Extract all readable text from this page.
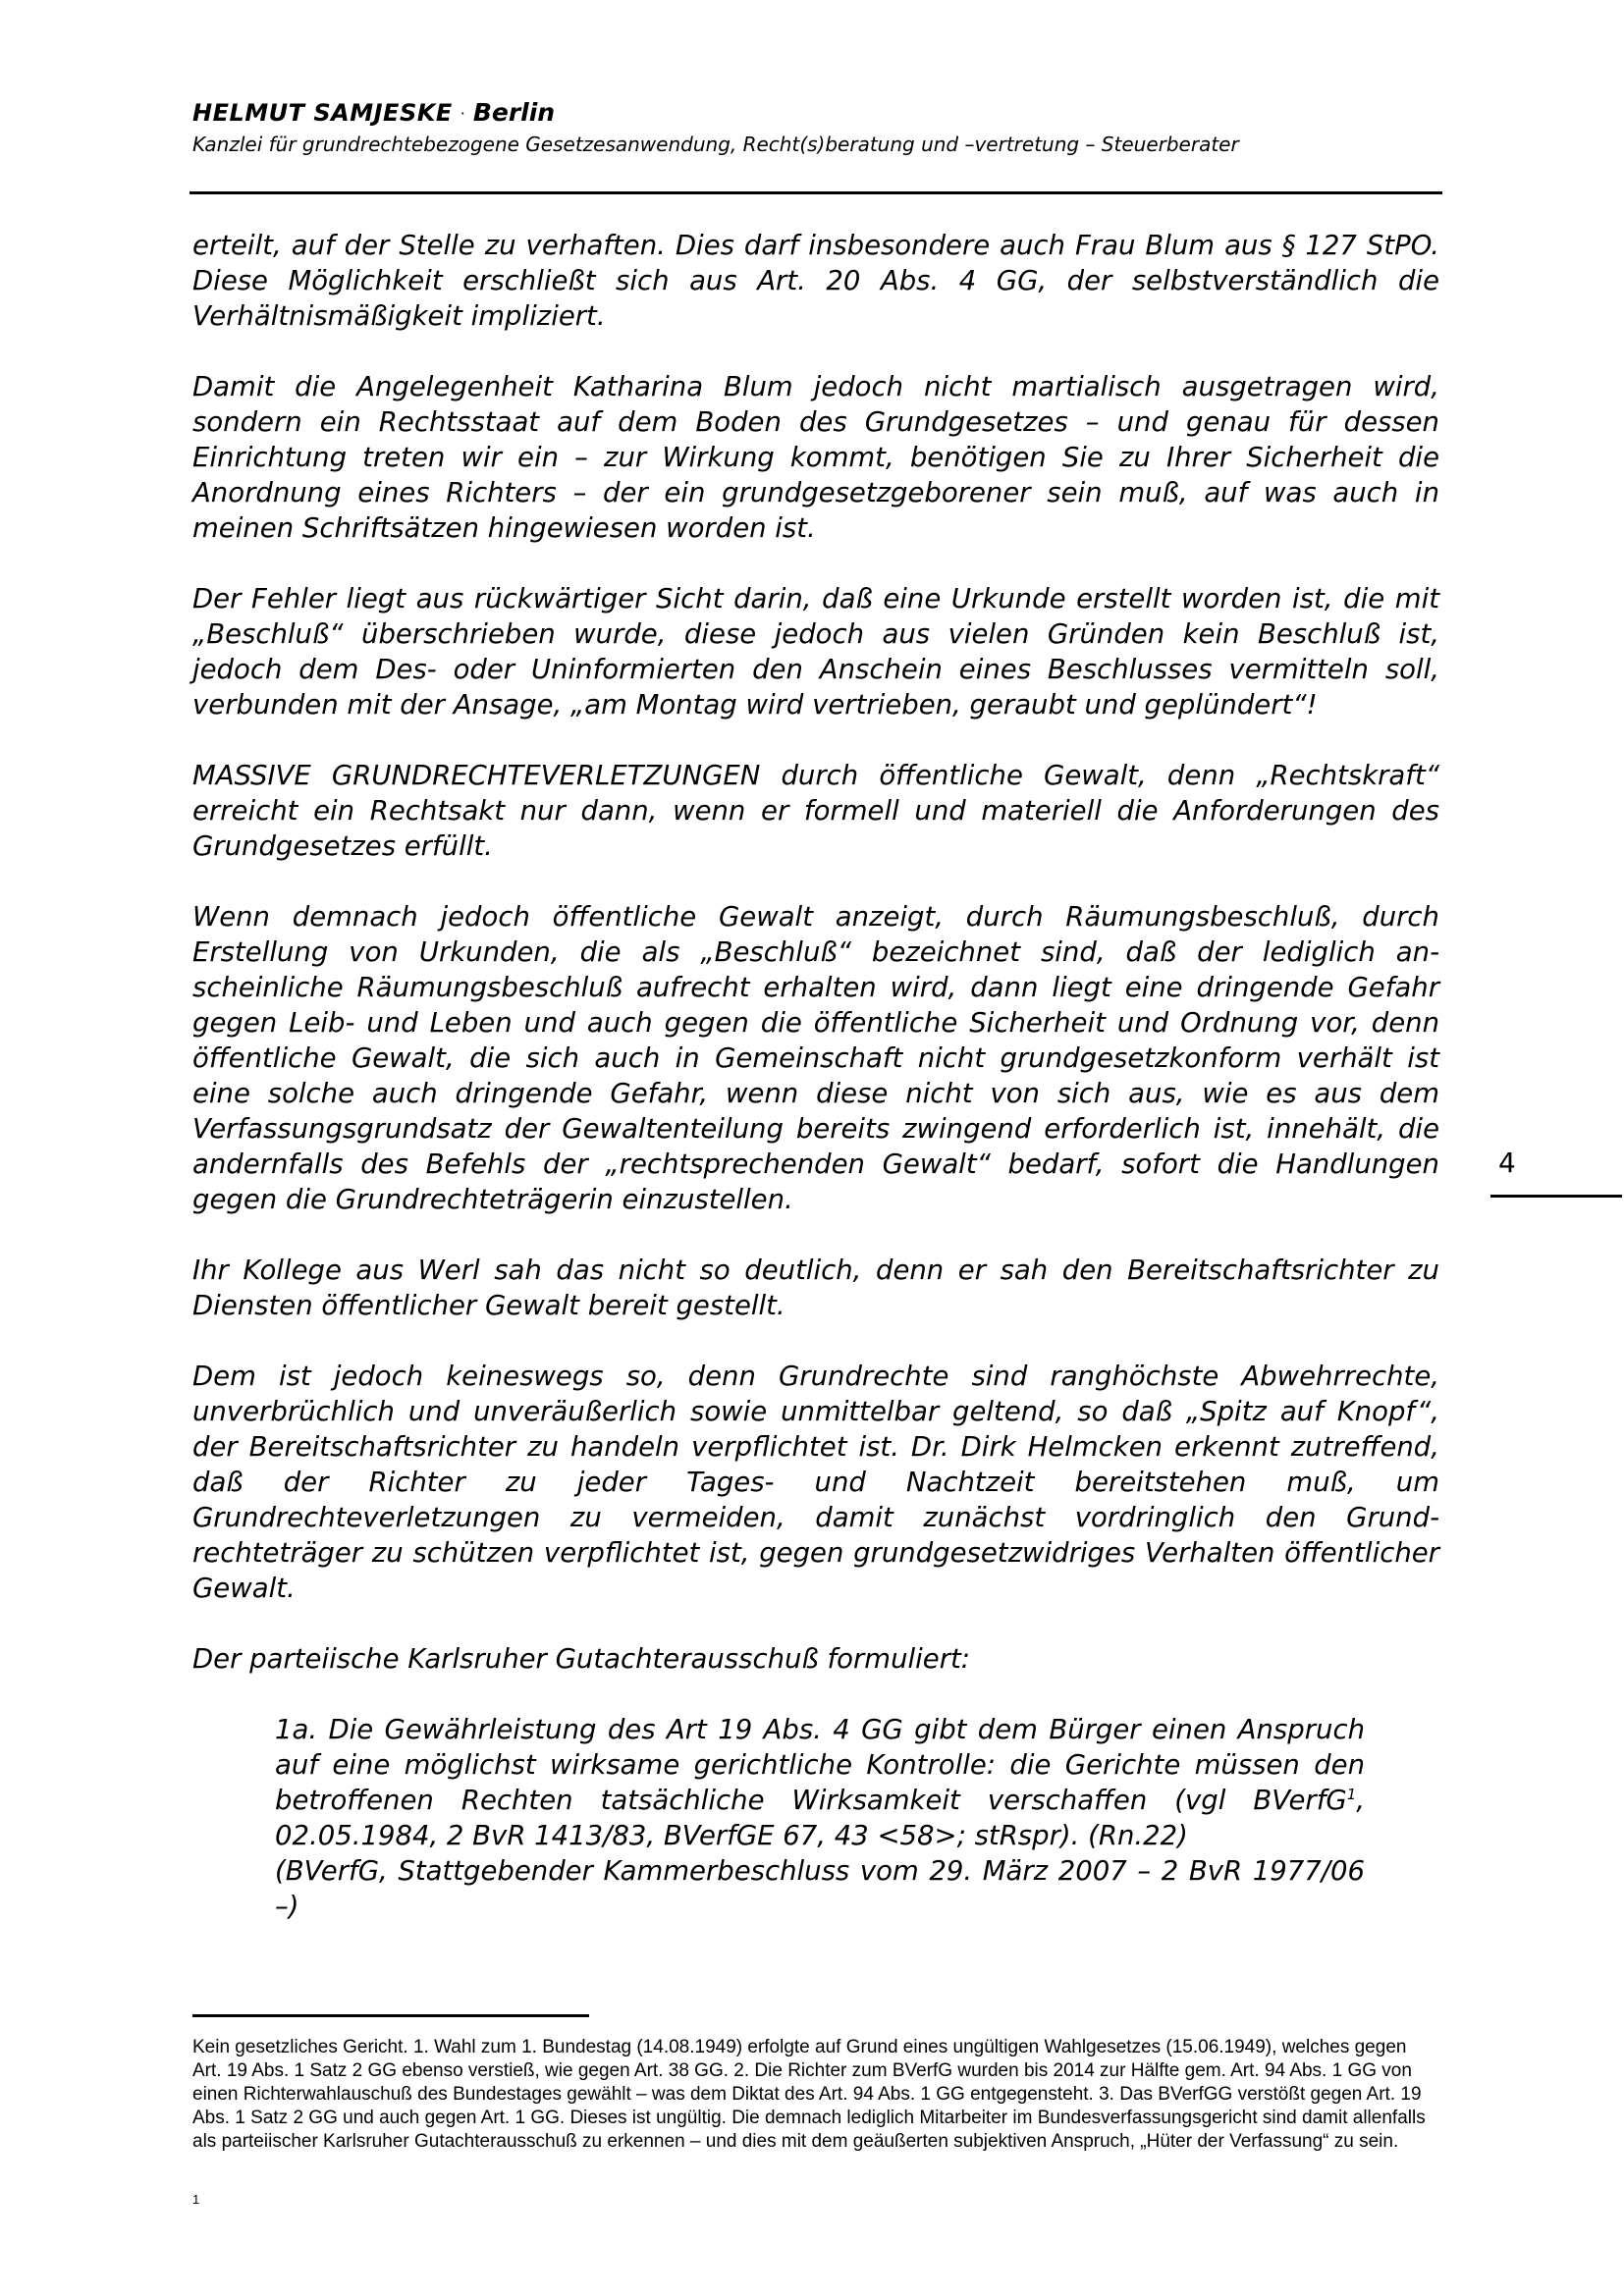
HELMUT SAMJESKE · Berlin
Kanzlei für grundrechtebezogene Gesetzesanwendung, Recht(s)beratung und –vertretung – Steuerberater

erteilt, auf der Stelle zu verhaften. Dies darf insbesondere auch Frau Blum aus § 127 StPO. Diese Möglichkeit erschließt sich aus Art. 20 Abs. 4 GG, der selbstverständlich die Verhältnismäßigkeit impliziert.

Damit die Angelegenheit Katharina Blum jedoch nicht martialisch ausgetragen wird, sondern ein Rechtsstaat auf dem Boden des Grundgesetzes – und genau für dessen Einrichtung treten wir ein – zur Wirkung kommt, benötigen Sie zu Ihrer Sicherheit die Anordnung eines Richters – der ein grundgesetzgeborener sein muß, auf was auch in meinen Schriftsätzen hingewiesen worden ist.

Der Fehler liegt aus rückwärtiger Sicht darin, daß eine Urkunde erstellt worden ist, die mit „Beschluß“ überschrieben wurde, diese jedoch aus vielen Gründen kein Beschluß ist, jedoch dem Des- oder Uninformierten den Anschein eines Beschlusses vermitteln soll, verbunden mit der Ansage, „am Montag wird vertrieben, geraubt und geplündert“!

MASSIVE GRUNDRECHTEVERLETZUNGEN durch öffentliche Gewalt, denn „Rechtskraft“ erreicht ein Rechtsakt nur dann, wenn er formell und materiell die Anforderungen des Grundgesetzes erfüllt.

Wenn demnach jedoch öffentliche Gewalt anzeigt, durch Räumungsbeschluß, durch Erstellung von Urkunden, die als „Beschluß“ bezeichnet sind, daß der lediglich anscheinliche Räumungsbeschluß aufrecht erhalten wird, dann liegt eine dringende Gefahr gegen Leib- und Leben und auch gegen die öffentliche Sicherheit und Ordnung vor, denn öffentliche Gewalt, die sich auch in Gemeinschaft nicht grundgesetzkonform verhält ist eine solche auch dringende Gefahr, wenn diese nicht von sich aus, wie es aus dem Verfassungsgrundsatz der Gewaltenteilung bereits zwingend erforderlich ist, innehält, die andernfalls des Befehls der „rechtsprechenden Gewalt“ bedarf, sofort die Handlungen gegen die Grundrechteträgerin einzustellen.

Ihr Kollege aus Werl sah das nicht so deutlich, denn er sah den Bereitschaftsrichter zu Diensten öffentlicher Gewalt bereit gestellt.

Dem ist jedoch keineswegs so, denn Grundrechte sind ranghöchste Abwehrrechte, unverbrüchlich und unveräußerlich sowie unmittelbar geltend, so daß „Spitz auf Knopf“, der Bereitschaftsrichter zu handeln verpflichtet ist. Dr. Dirk Helmcken erkennt zutreffend, daß der Richter zu jeder Tages- und Nachtzeit bereitstehen muß, um Grundrechteverletzungen zu vermeiden, damit zunächst vordringlich den Grundrechteträger zu schützen verpflichtet ist, gegen grundgesetzwidriges Verhalten öffentlicher Gewalt.

Der parteiische Karlsruher Gutachterausschuß formuliert:

1a. Die Gewährleistung des Art 19 Abs. 4 GG gibt dem Bürger einen Anspruch auf eine möglichst wirksame gerichtliche Kontrolle: die Gerichte müssen den betroffenen Rechten tatsächliche Wirksamkeit verschaffen (vgl BVerfG$^1$, 02.05.1984, 2 BvR 1413/83, BVerfGE 67, 43 <58>; stRspr). (Rn.22)

(BVerfG, Stattgebender Kammerbeschluss vom 29. März 2007 – 2 BvR 1977/06 –)

4
Kein gesetzliches Gericht. 1. Wahl zum 1. Bundestag (14.08.1949) erfolgte auf Grund eines ungültigen Wahlgesetzes (15.06.1949), welches gegen Art. 19 Abs. 1 Satz 2 GG ebenso verstieß, wie gegen Art. 38 GG. 2. Die Richter zum BVerfG wurden bis 2014 zur Hälfte gem. Art. 94 Abs. 1 GG von einen Richterwahlauschuß des Bundestages gewählt – was dem Diktat des Art. 94 Abs. 1 GG entgegensteht. 3. Das BVerfGG verstößt gegen Art. 19 Abs. 1 Satz 2 GG und auch gegen Art. 1 GG. Dieses ist ungültig. Die demnach lediglich Mitarbeiter im Bundesverfassungsgericht sind damit allenfalls als parteiischer Karlsruher Gutachterausschuß zu erkennen – und dies mit dem geäußerten subjektiven Anspruch, „Hüter der Verfassung“ zu sein.
1
